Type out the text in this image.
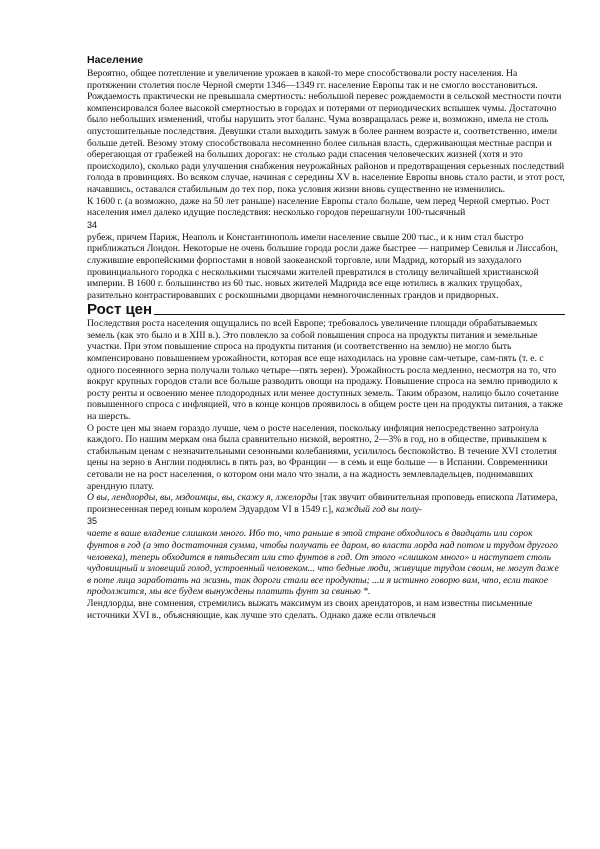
Население

Вероятно, общее потепление и увеличение урожаев в какой-то мере способствовали росту населения. На протяжении столетия после Черной смерти 1346—1349 гг. население Европы так и не смогло восстановиться. Рождаемость практически не превышала смертность: небольшой перевес рождаемости в сельской местности почти компенсировался более высокой смертностью в городах и потерями от периодических вспышек чумы. Достаточно было небольших изменений, чтобы нарушить этот баланс. Чума возвращалась реже и, возможно, имела не столь опустошительные последствия. Девушки стали выходить замуж в более раннем возрасте и, соответственно, имели больше детей. Везому этому способствовала несомненно более сильная власть, сдерживающая местные распри и оберегающая от грабежей на больших дорогах: не столько ради спасения человеческих жизней (хотя и это происходило), сколько ради улучшения снабжения неурожайных районов и предотвращения серьезных последствий голода в провинциях. Во всяком случае, начиная с середины XV в. население Европы вновь стало расти, и этот рост, начавшись, оставался стабильным до тех пор, пока условия жизни вновь существенно не изменились.

К 1600 г. (а возможно, даже на 50 лет раньше) население Европы стало больше, чем перед Черной смертью. Рост населения имел далеко идущие последствия: несколько городов перешагнули 100-тысячный

34

рубеж, причем Париж, Неаполь и Константинополь имели население свыше 200 тыс., и к ним стал быстро приближаться Лондон. Некоторые не очень большие города росли даже быстрее — например Севилья и Лиссабон, служившие европейскими форпостами в новой заокеанской торговле, или Мадрид, который из захудалого провинциального городка с несколькими тысячами жителей превратился в столицу величайшей христианской империи. В 1600 г. большинство из 60 тыс. новых жителей Мадрида все еще ютились в жалких трущобах, разительно контрастировавших с роскошными дворцами немногочисленных грандов и придворных.

Рост цен

Последствия роста населения ощущались по всей Европе; требовалось увеличение площади обрабатываемых земель (как это было и в XIII в.). Это повлекло за собой повышения спроса на продукты питания и земельные участки. При этом повышение спроса на продукты питания (и соответственно на землю) не могло быть компенсировано повышением урожайности, которая все еще находилась на уровне сам-четыре, сам-пять (т. е. с одного посеянного зерна получали только четыре—пять зерен). Урожайность росла медленно, несмотря на то, что вокруг крупных городов стали все больше разводить овощи на продажу. Повышение спроса на землю приводило к росту ренты и освоению менее плодородных или менее доступных земель. Таким образом, налицо было сочетание повышенного спроса с инфляцией, что в конце концов проявилось в общем росте цен на продукты питания, а также на шерсть.

О росте цен мы знаем гораздо лучше, чем о росте населения, поскольку инфляция непосредственно затронула каждого. По нашим меркам она была сравнительно низкой, вероятно, 2—3% в год, но в обществе, привыкшем к стабильным ценам с незначительными сезонными колебаниями, усилилось беспокойство. В течение XVI столетия цены на зерно в Англии поднялись в пять раз, во Франции — в семь и еще больше — в Испании. Современники сетовали не на рост населения, о котором они мало что знали, а на жадность землевладельцев, поднимавших арендную плату.

О вы, лендлорды, вы, мздоимцы, вы, скажу я, лжелорды [так звучит обвинительная проповедь епископа Латимера, произнесенная перед юным королем Эдуардом VI в 1549 г.], каждый год вы полу-

35

чаете в ваше владение слишком много. Ибо то, что раньше в этой стране обходилось в двадцать или сорок фунтов в год (а это достаточная сумма, чтобы получать ее даром, во власти лорда над потом и трудом другого человека), теперь обходится в пятьдесят или сто фунтов в год. От этого «слишком много» и наступает столь чудовищный и зловещий голод, устроенный человеком... что бедные люди, живущие трудом своим, не могут даже в поте лица заработать на жизнь, так дороги стали все продукты; ...и я истинно говорю вам, что, если такое продолжится, мы все будем вынуждены платить фунт за свинью *.

Лендлорды, вне сомнения, стремились выжать максимум из своих арендаторов, и нам известны письменные источники XVI в., объясняющие, как лучше это сделать. Однако даже если отвлечься
